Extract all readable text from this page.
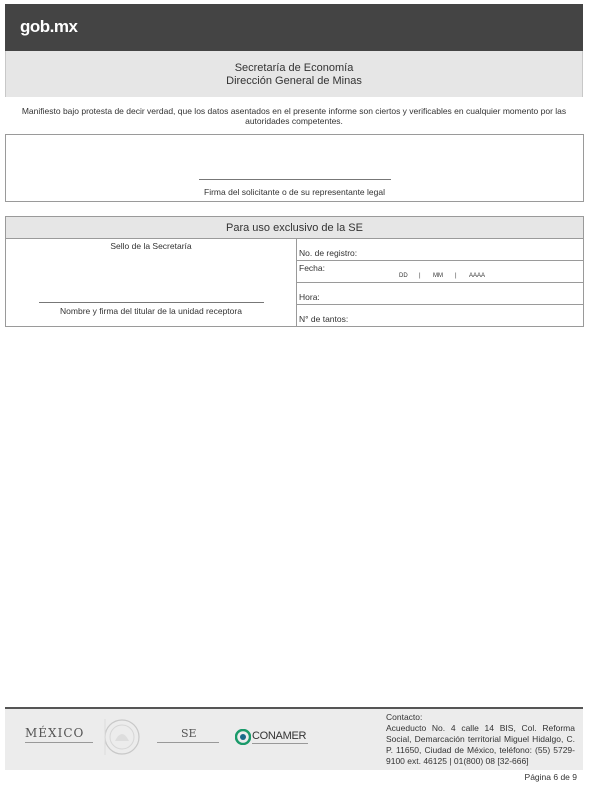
gob.mx
Secretaría de Economía
Dirección General de Minas
Manifiesto bajo protesta de decir verdad, que los datos asentados en el presente informe son ciertos y verificables en cualquier momento por las autoridades competentes.
Firma del solicitante o de su representante legal
Para uso exclusivo de la SE
Sello de la Secretaría
Nombre y firma del titular de la unidad receptora
No. de registro:
Fecha:
DD | MM | AAAA
Hora:
N° de tantos:
MÉXICO	SE	CONAMER
Contacto:
Acueducto No. 4 calle 14 BIS, Col. Reforma Social, Demarcación territorial Miguel Hidalgo, C. P. 11650, Ciudad de México, teléfono: (55) 5729-9100 ext. 46125 | 01(800) 08 [32-666]
Página 6 de 9
